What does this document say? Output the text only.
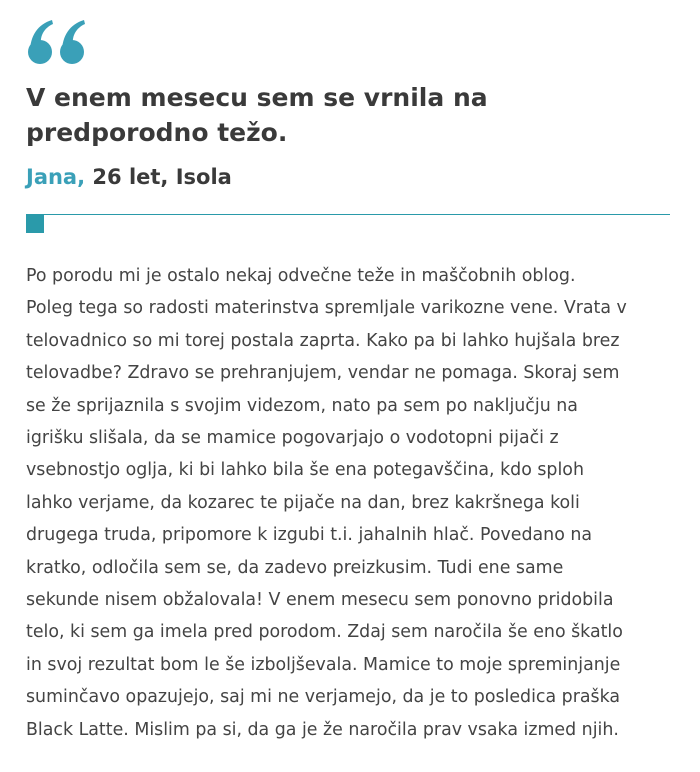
V enem mesecu sem se vrnila na
predporodno težo.

Jana, 26 let, Isola

Po porodu mi je ostalo nekaj odvečne teže in maščobnih oblog.
Poleg tega so radosti materinstva spremljale varikozne vene. Vrata v
telovadnico so mi torej postala zaprta. Kako pa bi lahko hujšala brez
telovadbe? Zdravo se prehranjujem, vendar ne pomaga. Skoraj sem
se že sprijaznila s svojim videzom, nato pa sem po naključju na
igrišku slišala, da se mamice pogovarjajo o vodotopni pijači z
vsebnostjo oglja, ki bi lahko bila še ena potegavščina, kdo sploh
lahko verjame, da kozarec te pijače na dan, brez kakršnega koli
drugega truda, pripomore k izgubi t.i. jahalnih hlač. Povedano na
kratko, odločila sem se, da zadevo preizkusim. Tudi ene same
sekunde nisem obžalovala! V enem mesecu sem ponovno pridobila
telo, ki sem ga imela pred porodom. Zdaj sem naročila še eno škatlo
in svoj rezultat bom le še izboljševala. Mamice to moje spreminjanje
suminčavo opazujejo, saj mi ne verjamejo, da je to posledica praška
Black Latte. Mislim pa si, da ga je že naročila prav vsaka izmed njih.
